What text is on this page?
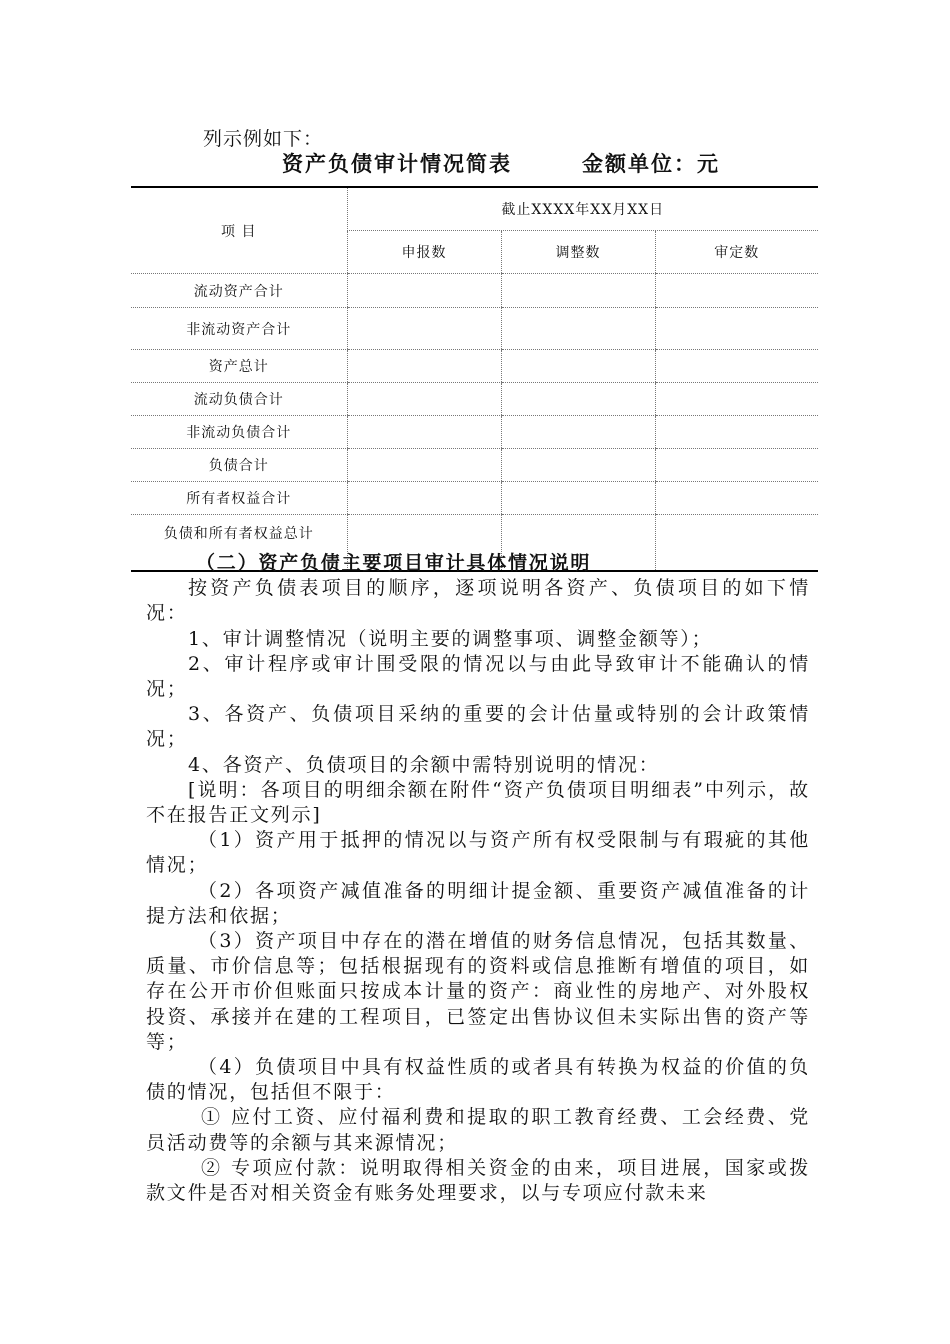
列示例如下：
资产负债审计情况简表	金额单位：元
项 目	截止XXXX年XX月XX日		
	申报数	调整数	审定数
流动资产合计			
非流动资产合计			
资产总计			
流动负债合计			
非流动负债合计			
负债合计			
所有者权益合计			
负债和所有者权益总计			

（二）资产负债主要项目审计具体情况说明

按资产负债表项目的顺序，逐项说明各资产、负债项目的如下情况：

1、审计调整情况（说明主要的调整事项、调整金额等）；

2、审计程序或审计围受限的情况以与由此导致审计不能确认的情况；

3、各资产、负债项目采纳的重要的会计估量或特别的会计政策情况；

4、各资产、负债项目的余额中需特别说明的情况：

[说明：各项目的明细余额在附件“资产负债项目明细表”中列示，故不在报告正文列示]

（1）资产用于抵押的情况以与资产所有权受限制与有瑕疵的其他情况；

（2）各项资产减值准备的明细计提金额、重要资产减值准备的计提方法和依据；

（3）资产项目中存在的潜在增值的财务信息情况，包括其数量、质量、市价信息等；包括根据现有的资料或信息推断有增值的项目，如存在公开市价但账面只按成本计量的资产：商业性的房地产、对外股权投资、承接并在建的工程项目，已签定出售协议但未实际出售的资产等等；

（4）负债项目中具有权益性质的或者具有转换为权益的价值的负债的情况，包括但不限于：

① 应付工资、应付福利费和提取的职工教育经费、工会经费、党员活动费等的余额与其来源情况；

② 专项应付款：说明取得相关资金的由来，项目进展，国家或拨款文件是否对相关资金有账务处理要求，以与专项应付款未来
